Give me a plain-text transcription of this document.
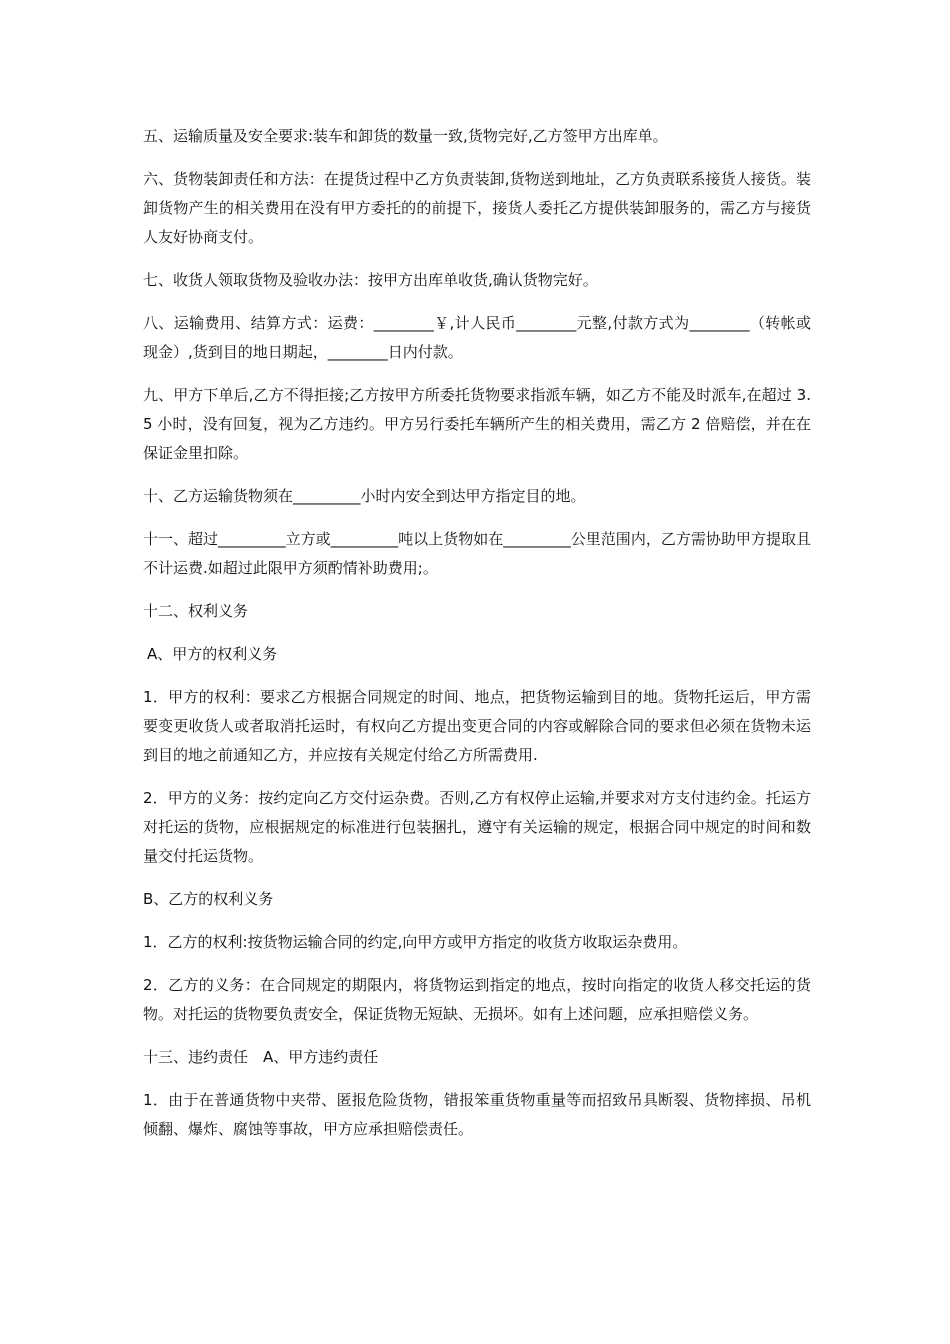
五、运输质量及安全要求:装车和卸货的数量一致,货物完好,乙方签甲方出库单。

六、货物装卸责任和方法：在提货过程中乙方负责装卸,货物送到地址，乙方负责联系接货人接货。装卸货物产生的相关费用在没有甲方委托的的前提下，接货人委托乙方提供装卸服务的，需乙方与接货人友好协商支付。

七、收货人领取货物及验收办法：按甲方出库单收货,确认货物完好。

八、运输费用、结算方式：运费：________￥,计人民币________元整,付款方式为________（转帐或现金）,货到目的地日期起，________日内付款。

九、甲方下单后,乙方不得拒接;乙方按甲方所委托货物要求指派车辆，如乙方不能及时派车,在超过 3.5 小时，没有回复，视为乙方违约。甲方另行委托车辆所产生的相关费用，需乙方 2 倍赔偿，并在在保证金里扣除。

十、乙方运输货物须在_________小时内安全到达甲方指定目的地。

十一、超过_________立方或_________吨以上货物如在_________公里范围内，乙方需协助甲方提取且不计运费.如超过此限甲方须酌情补助费用;。

十二、权利义务

A、甲方的权利义务

1．甲方的权利：要求乙方根据合同规定的时间、地点，把货物运输到目的地。货物托运后，甲方需要变更收货人或者取消托运时，有权向乙方提出变更合同的内容或解除合同的要求但必须在货物未运到目的地之前通知乙方，并应按有关规定付给乙方所需费用.

2．甲方的义务：按约定向乙方交付运杂费。否则,乙方有权停止运输,并要求对方支付违约金。托运方对托运的货物，应根据规定的标准进行包装捆扎，遵守有关运输的规定，根据合同中规定的时间和数量交付托运货物。

B、乙方的权利义务

1．乙方的权利:按货物运输合同的约定,向甲方或甲方指定的收货方收取运杂费用。

2．乙方的义务：在合同规定的期限内，将货物运到指定的地点，按时向指定的收货人移交托运的货物。对托运的货物要负责安全，保证货物无短缺、无损坏。如有上述问题，应承担赔偿义务。

十三、违约责任　A、甲方违约责任

1．由于在普通货物中夹带、匿报危险货物，错报笨重货物重量等而招致吊具断裂、货物摔损、吊机倾翻、爆炸、腐蚀等事故，甲方应承担赔偿责任。
